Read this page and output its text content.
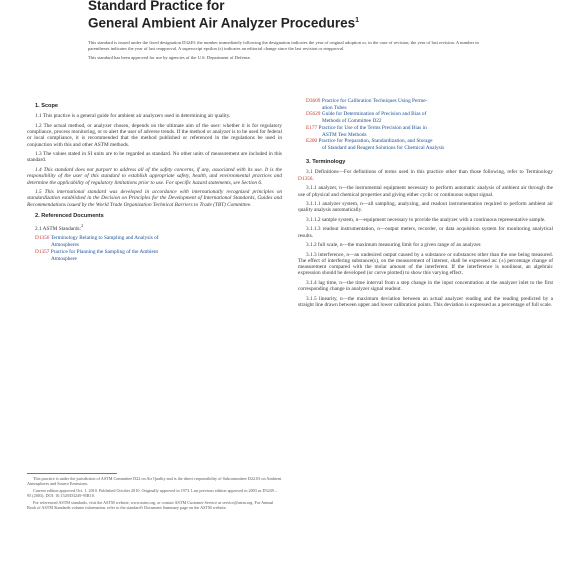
Standard Practice for
General Ambient Air Analyzer Procedures$^1$

This standard is issued under the fixed designation D3249; the number immediately following the designation indicates the year of original adoption or, in the case of revision, the year of last revision. A number in parentheses indicates the year of last reapproval. A superscript epsilon (ε) indicates an editorial change since the last revision or reapproval.

This standard has been approved for use by agencies of the U.S. Department of Defense.

1. Scope

1.1 This practice is a general guide for ambient air analyzers used in determining air quality.

1.2 The actual method, or analyzer chosen, depends on the ultimate aim of the user: whether it is for regulatory compliance, process monitoring, or to alert the user of adverse trends. If the method or analyzer is to be used for federal or local compliance, it is recommended that the method published or referenced in the regulations be used in conjunction with this and other ASTM methods.

1.3 The values stated in SI units are to be regarded as standard. No other units of measurement are included in this standard.

1.4 This standard does not purport to address all of the safety concerns, if any, associated with its use. It is the responsibility of the user of this standard to establish appropriate safety, health, and environmental practices and determine the applicability of regulatory limitations prior to use. For specific hazard statements, see Section 6.

1.5 This international standard was developed in accordance with internationally recognized principles on standardization established in the Decision on Principles for the Development of International Standards, Guides and Recommendations issued by the World Trade Organization Technical Barriers to Trade (TBT) Committee.

2. Referenced Documents

2.1 ASTM Standards:$^2$

D1356 Terminology Relating to Sampling and Analysis of
Atmospheres
D1357 Practice for Planning the Sampling of the Ambient
Atmosphere
D3609 Practice for Calibration Techniques Using Perme-
ation Tubes
D5629 Guide for Determination of Precision and Bias of
Methods of Committee D22
E177 Practice for Use of the Terms Precision and Bias in
ASTM Test Methods
E200 Practice for Preparation, Standardization, and Storage
of Standard and Reagent Solutions for Chemical Analysis
3. Terminology

3.1 Definitions—For definitions of terms used in this practice other than those following, refer to Terminology D1356.

3.1.1 analyzer, n—the instrumental equipment necessary to perform automatic analysis of ambient air through the use of physical and chemical properties and giving either cyclic or continuous output signal.

3.1.1.1 analyzer system, n—all sampling, analyzing, and readout instrumentation required to perform ambient air quality analysis automatically.

3.1.1.2 sample system, n—equipment necessary to provide the analyzer with a continuous representative sample.

3.1.1.3 readout instrumentation, n—output meters, recorder, or data acquisition system for monitoring analytical results.

3.1.2 full scale, n—the maximum measuring limit for a given range of an analyzer.

3.1.3 interference, n—an undesired output caused by a substance or substances other than the one being measured. The effect of interfering substance(s), on the measurement of interest, shall be expressed as: (±) percentage change of measurement compared with the molar amount of the interferent. If the interference is nonlinear, an algebraic expression should be developed (or curve plotted) to show this varying effect.

3.1.4 lag time, n—the time interval from a step change in the input concentration at the analyzer inlet to the first corresponding change in analyzer signal readout.

3.1.5 linearity, n—the maximum deviation between an actual analyzer reading and the reading predicted by a straight line drawn between upper and lower calibration points. This deviation is expressed as a percentage of full scale.

This practice is under the jurisdiction of ASTM Committee D22 on Air Quality and is the direct responsibility of Subcommittee D22.03 on Ambient Atmospheres and Source Emissions.

Current edition approved Oct. 1, 2010. Published October 2010. Originally approved in 1973. Last previous edition approved in 2003 as D3249 – 95 (2003). DOI: 10.1520/D3249-95R10.

For referenced ASTM standards, visit the ASTM website, www.astm.org, or contact ASTM Customer Service at service@astm.org. For Annual Book of ASTM Standards volume information, refer to the standard's Document Summary page on the ASTM website.
